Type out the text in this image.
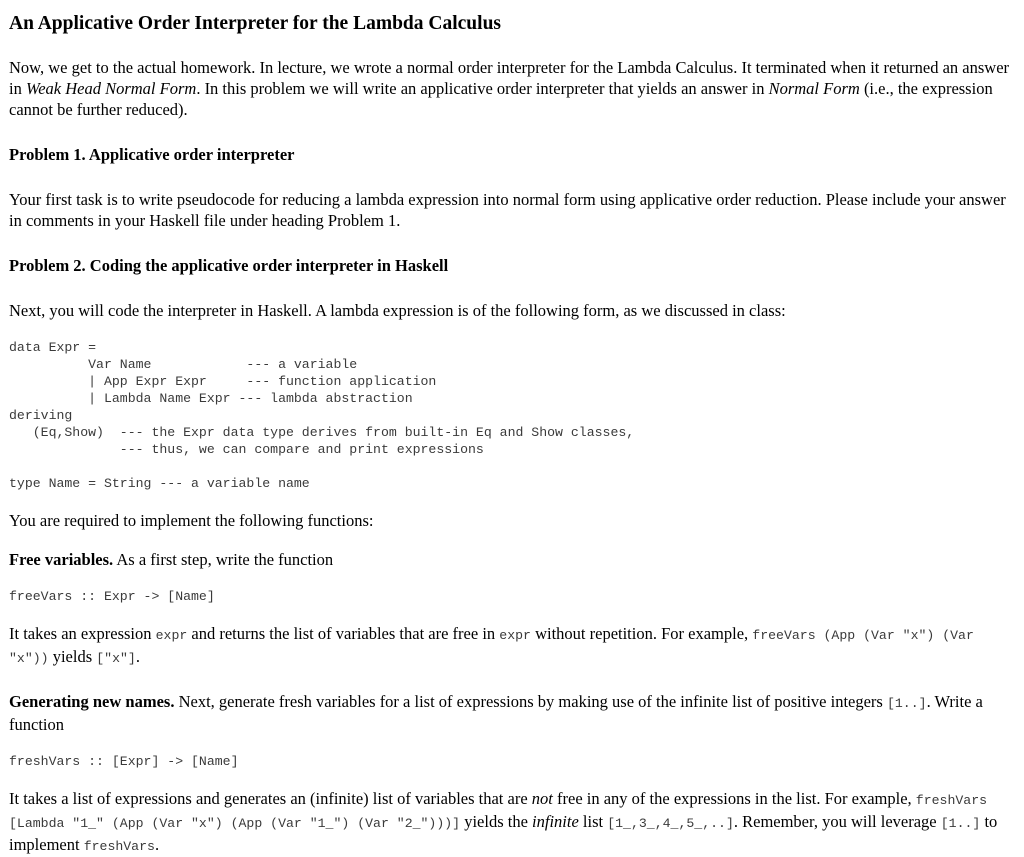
An Applicative Order Interpreter for the Lambda Calculus

Now, we get to the actual homework. In lecture, we wrote a normal order interpreter for the Lambda Calculus. It terminated when it returned an answer in Weak Head Normal Form. In this problem we will write an applicative order interpreter that yields an answer in Normal Form (i.e., the expression cannot be further reduced).

Problem 1. Applicative order interpreter

Your first task is to write pseudocode for reducing a lambda expression into normal form using applicative order reduction. Please include your answer in comments in your Haskell file under heading Problem 1.

Problem 2. Coding the applicative order interpreter in Haskell

Next, you will code the interpreter in Haskell. A lambda expression is of the following form, as we discussed in class:

data Expr =
Var Name            --- a variable
| App Expr Expr     --- function application
| Lambda Name Expr --- lambda abstraction
deriving
(Eq,Show)  --- the Expr data type derives from built-in Eq and Show classes,
--- thus, we can compare and print expressions
type Name = String --- a variable name

You are required to implement the following functions:

Free variables. As a first step, write the function

freeVars :: Expr -> [Name]

It takes an expression expr and returns the list of variables that are free in expr without repetition. For example, freeVars (App (Var "x") (Var "x")) yields ["x"].

Generating new names. Next, generate fresh variables for a list of expressions by making use of the infinite list of positive integers [1..]. Write a function

freshVars :: [Expr] -> [Name]

It takes a list of expressions and generates an (infinite) list of variables that are not free in any of the expressions in the list. For example, freshVars [Lambda "1_" (App (Var "x") (App (Var "1_") (Var "2_")))] yields the infinite list [1_,3_,4_,5_,..]. Remember, you will leverage [1..] to implement freshVars.
